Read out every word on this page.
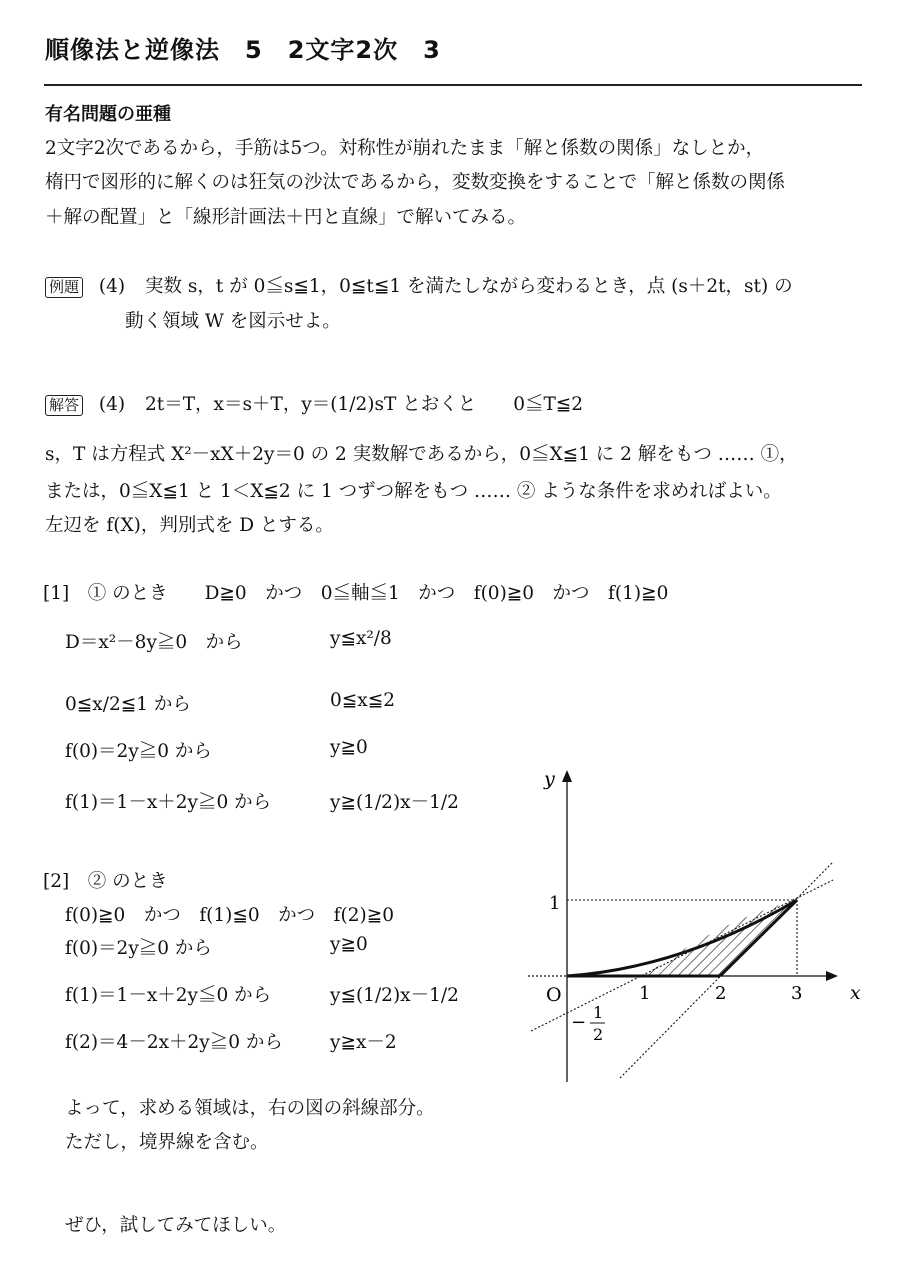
順像法と逆像法　5　2文字2次　3
有名問題の亜種
2文字2次であるから，手筋は5つ。対称性が崩れたまま「解と係数の関係」なしとか，
楕円で図形的に解くのは狂気の沙汰であるから，変数変換をすることで「解と係数の関係
＋解の配置」と「線形計画法＋円と直線」で解いてみる。
例題 (4) 実数 s，t が 0≦s≦1，0≦t≦1 を満たしながら変わるとき，点 (s＋2t，st) の
動く領域 W を図示せよ。
解答 (4) 2t＝T，x＝s＋T，y＝(1/2)sT とおくと　　0≦T≦2
s，T は方程式 X²－xX＋2y＝0 の 2 実数解であるから，0≦X≦1 に 2 解をもつ …… ①，
または，0≦X≦1 と 1＜X≦2 に 1 つずつ解をもつ …… ② ような条件を求めればよい。
左辺を f(X)，判別式を D とする。
[1]　① のとき　　D≧0　かつ　0≦軸≦1　かつ　f(0)≧0　かつ　f(1)≧0
D＝x²－8y≧0　から	y≦x²/8
0≦x/2≦1 から	0≦x≦2
f(0)＝2y≧0 から	y≧0
f(1)＝1－x＋2y≧0 から	y≧(1/2)x－1/2
[2]　② のとき
f(0)≧0　かつ　f(1)≦0　かつ　f(2)≧0
f(0)＝2y≧0 から	y≧0
f(1)＝1－x＋2y≦0 から	y≦(1/2)x－1/2
f(2)＝4－2x＋2y≧0 から	y≧x－2
よって，求める領域は，右の図の斜線部分。
ただし，境界線を含む。
ぜひ，試してみてほしい。
y
x
O	1	2	3
1
− 1
2
